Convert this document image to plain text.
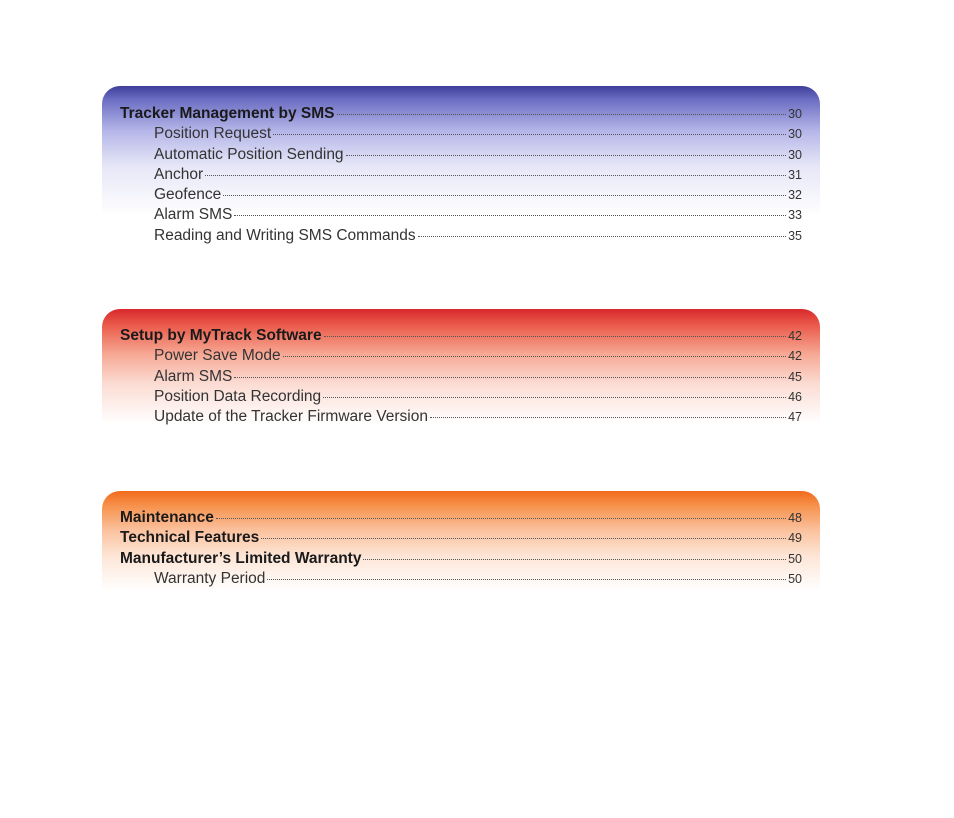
Tracker Management by SMS	30
Position Request	30
Automatic Position Sending	30
Anchor	31
Geofence	32
Alarm SMS	33
Reading and Writing SMS Commands	35
Setup by MyTrack Software	42
Power Save Mode	42
Alarm SMS	45
Position Data Recording	46
Update of the Tracker Firmware Version	47
Maintenance	48
Technical Features	49
Manufacturer’s Limited Warranty	50
Warranty Period	50
